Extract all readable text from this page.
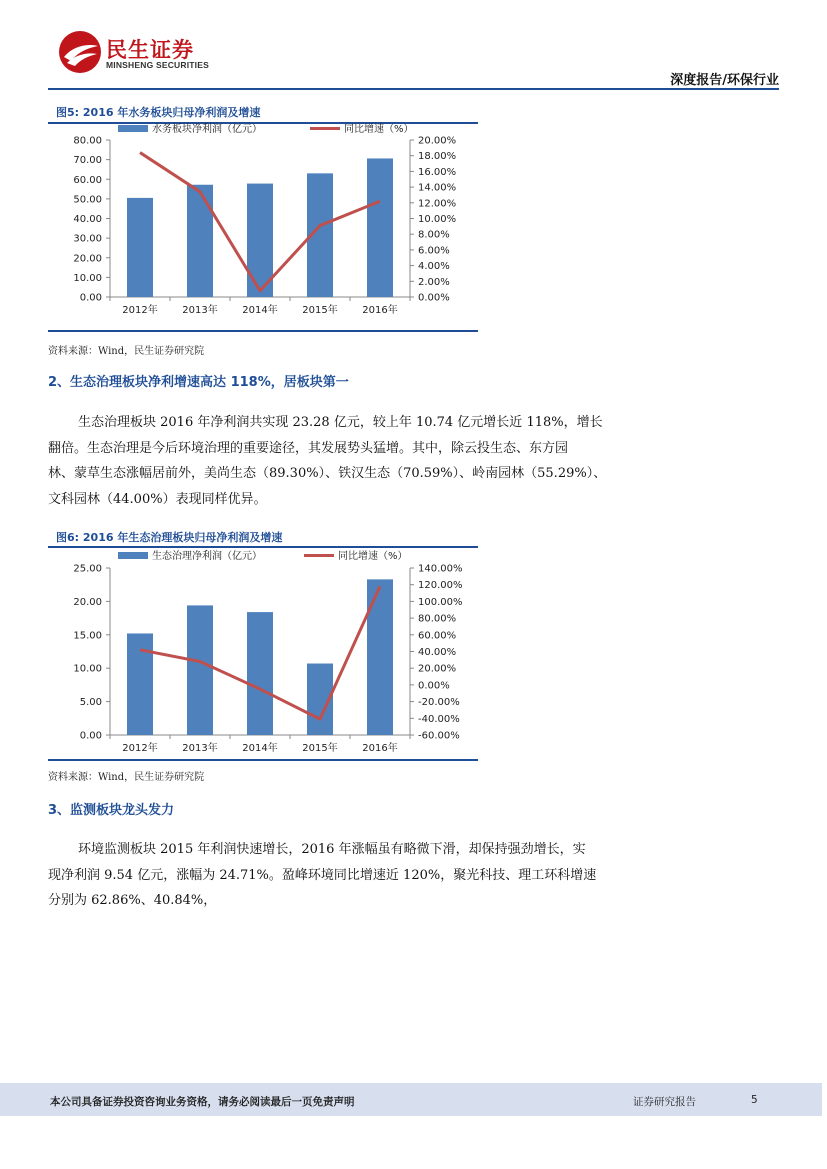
民生证券
MINSHENG SECURITIES
深度报告/环保行业
图5: 2016 年水务板块归母净利润及增速
0.00
10.00
20.00
30.00
40.00
50.00
60.00
70.00
80.00
0.00%
2.00%
4.00%
6.00%
8.00%
10.00%
12.00%
14.00%
16.00%
18.00%
20.00%
2012年 2013年 2014年 2015年 2016年
水务板块净利润（亿元）	同比增速（%）
资料来源：Wind，民生证券研究院
2、生态治理板块净利增速高达 118%，居板块第一
生态治理板块 2016 年净利润共实现 23.28 亿元，较上年 10.74 亿元增长近 118%，增长
翻倍。生态治理是今后环境治理的重要途径，其发展势头猛增。其中，除云投生态、东方园
林、蒙草生态涨幅居前外，美尚生态（89.30%）、铁汉生态（70.59%）、岭南园林（55.29%）、
文科园林（44.00%）表现同样优异。
图6: 2016 年生态治理板块归母净利润及增速
0.00
5.00
10.00
15.00
20.00
25.00
-60.00%
-40.00%
-20.00%
0.00%
20.00%
40.00%
60.00%
80.00%
100.00%
120.00%
140.00%
2012年 2013年 2014年 2015年 2016年
生态治理净利润（亿元）	同比增速（%）
资料来源：Wind，民生证券研究院
3、监测板块龙头发力
环境监测板块 2015 年利润快速增长，2016 年涨幅虽有略微下滑，却保持强劲增长，实
现净利润 9.54 亿元，涨幅为 24.71%。盈峰环境同比增速近 120%，聚光科技、理工环科增速
分别为 62.86%、40.84%，
本公司具备证券投资咨询业务资格，请务必阅读最后一页免责声明	证券研究报告	5
